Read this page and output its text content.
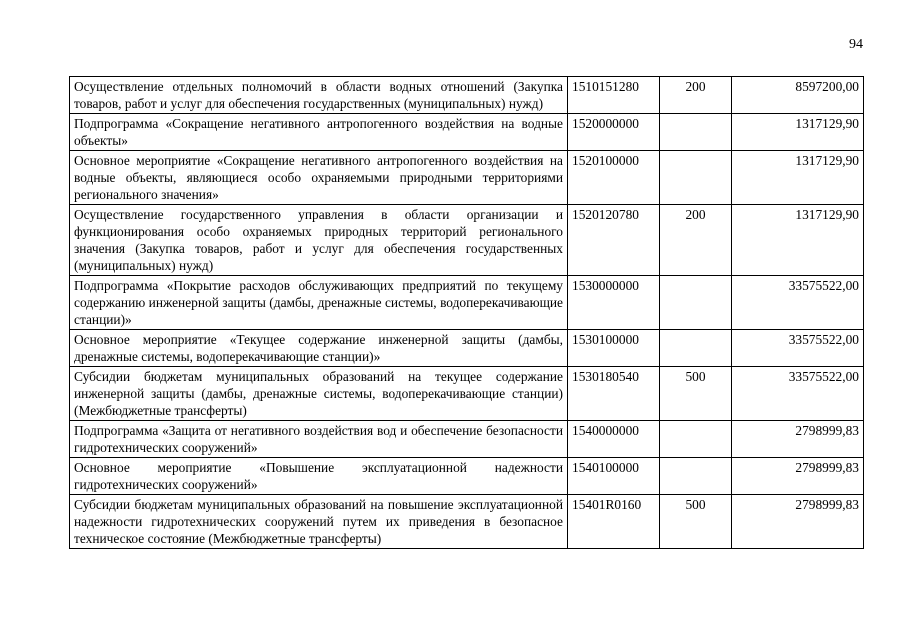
94
Осуществление отдельных полномочий в области водных отношений (Закупка товаров, работ и услуг для обеспечения государственных (муниципальных) нужд)	1510151280	200	8597200,00
Подпрограмма «Сокращение негативного антропогенного воздействия на водные объекты»	1520000000		1317129,90
Основное мероприятие «Сокращение негативного антропогенного воздействия на водные объекты, являющиеся особо охраняемыми природными территориями регионального значения»	1520100000		1317129,90
Осуществление государственного управления в области организации и функционирования особо охраняемых природных территорий регионального значения (Закупка товаров, работ и услуг для обеспечения государственных (муниципальных) нужд)	1520120780	200	1317129,90
Подпрограмма «Покрытие расходов обслуживающих предприятий по текущему содержанию инженерной защиты (дамбы, дренажные системы, водоперекачивающие станции)»	1530000000		33575522,00
Основное мероприятие «Текущее содержание инженерной защиты (дамбы, дренажные системы, водоперекачивающие станции)»	1530100000		33575522,00
Субсидии бюджетам муниципальных образований на текущее содержание инженерной защиты (дамбы, дренажные системы, водоперекачивающие станции) (Межбюджетные трансферты)	1530180540	500	33575522,00
Подпрограмма «Защита от негативного воздействия вод и обеспечение безопасности гидротехнических сооружений»	1540000000		2798999,83
Основное мероприятие «Повышение эксплуатационной надежности гидротехнических сооружений»	1540100000		2798999,83
Субсидии бюджетам муниципальных образований на повышение эксплуатационной надежности гидротехнических сооружений путем их приведения в безопасное техническое состояние (Межбюджетные трансферты)	15401R0160	500	2798999,83
